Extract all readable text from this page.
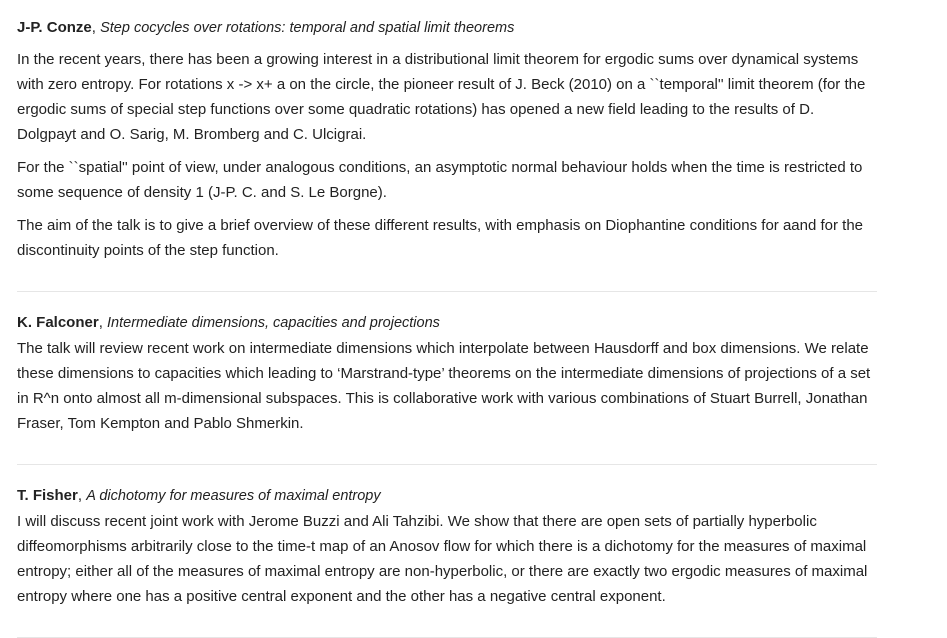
J-P. Conze, Step cocycles over rotations: temporal and spatial limit theorems

In the recent years, there has been a growing interest in a distributional limit theorem for ergodic sums over dynamical systems with zero entropy. For rotations x -> x+ a on the circle, the pioneer result of J. Beck (2010) on a ``temporal'' limit theorem (for the ergodic sums of special step functions over some quadratic rotations) has opened a new field leading to the results of D. Dolgpayt and O. Sarig, M. Bromberg and C. Ulcigrai.

For the ``spatial'' point of view, under analogous conditions, an asymptotic normal behaviour holds when the time is restricted to some sequence of density 1 (J-P. C. and S. Le Borgne).

The aim of the talk is to give a brief overview of these different results, with emphasis on Diophantine conditions for aand for the discontinuity points of the step function.

K. Falconer, Intermediate dimensions, capacities and projections

The talk will review recent work on intermediate dimensions which interpolate between Hausdorff and box dimensions. We relate these dimensions to capacities which leading to ‘Marstrand-type’ theorems on the intermediate dimensions of projections of a set in R^n onto almost all m-dimensional subspaces. This is collaborative work with various combinations of Stuart Burrell, Jonathan Fraser, Tom Kempton and Pablo Shmerkin.

T. Fisher, A dichotomy for measures of maximal entropy

I will discuss recent joint work with Jerome Buzzi and Ali Tahzibi. We show that there are open sets of partially hyperbolic diffeomorphisms arbitrarily close to the time-t map of an Anosov flow for which there is a dichotomy for the measures of maximal entropy; either all of the measures of maximal entropy are non-hyperbolic, or there are exactly two ergodic measures of maximal entropy where one has a positive central exponent and the other has a negative central exponent.
